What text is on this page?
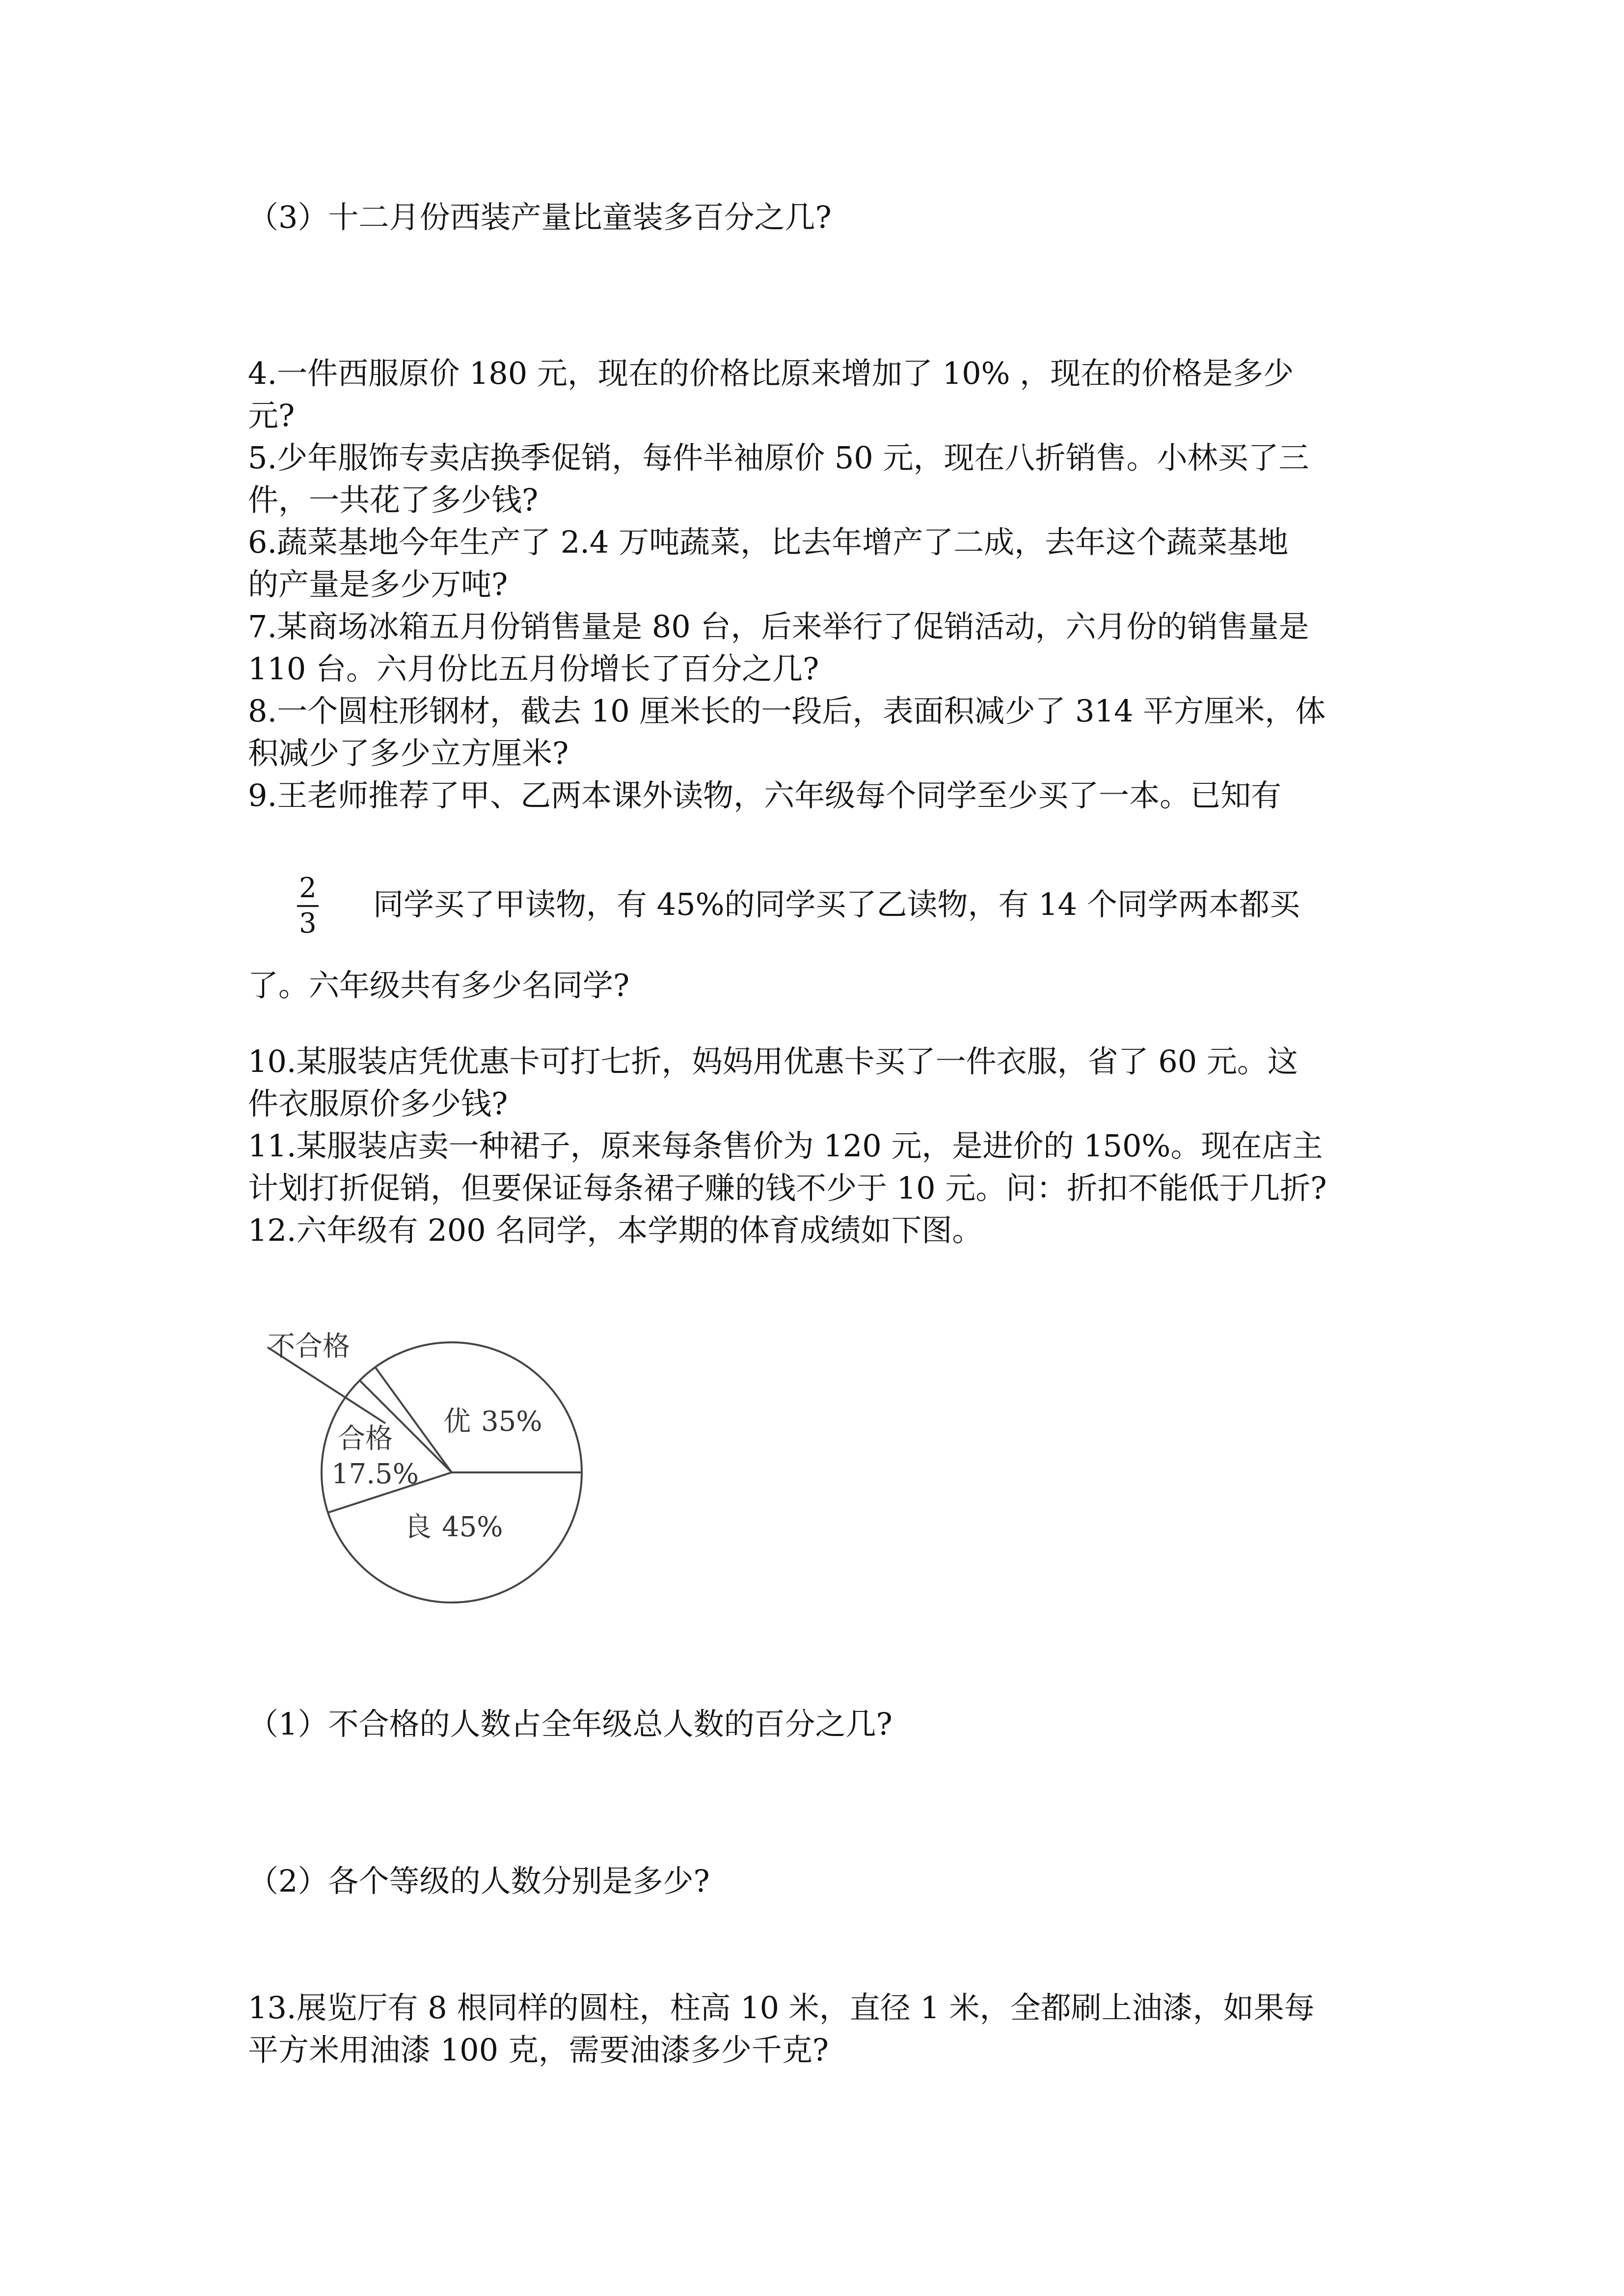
（3）十二月份西装产量比童装多百分之几?
4.一件西服原价 180 元，现在的价格比原来增加了 10% ，现在的价格是多少
元?
5.少年服饰专卖店换季促销，每件半袖原价 50 元，现在八折销售。小林买了三
件，一共花了多少钱?
6.蔬菜基地今年生产了 2.4 万吨蔬菜，比去年增产了二成，去年这个蔬菜基地
的产量是多少万吨?
7.某商场冰箱五月份销售量是 80 台，后来举行了促销活动，六月份的销售量是
110 台。六月份比五月份增长了百分之几?
8.一个圆柱形钢材，截去 10 厘米长的一段后，表面积减少了 314 平方厘米，体
积减少了多少立方厘米?
9.王老师推荐了甲、乙两本课外读物，六年级每个同学至少买了一本。已知有
2
3
同学买了甲读物，有 45%的同学买了乙读物，有 14 个同学两本都买
了。六年级共有多少名同学?
10.某服装店凭优惠卡可打七折，妈妈用优惠卡买了一件衣服，省了 60 元。这
件衣服原价多少钱?
11.某服装店卖一种裙子，原来每条售价为 120 元，是进价的 150%。现在店主
计划打折促销，但要保证每条裙子赚的钱不少于 10 元。问：折扣不能低于几折?
12.六年级有 200 名同学，本学期的体育成绩如下图。
不合格
优 35%
合格
17.5%
良 45%
（1）不合格的人数占全年级总人数的百分之几?
（2）各个等级的人数分别是多少?
13.展览厅有 8 根同样的圆柱，柱高 10 米，直径 1 米，全都刷上油漆，如果每
平方米用油漆 100 克，需要油漆多少千克?
